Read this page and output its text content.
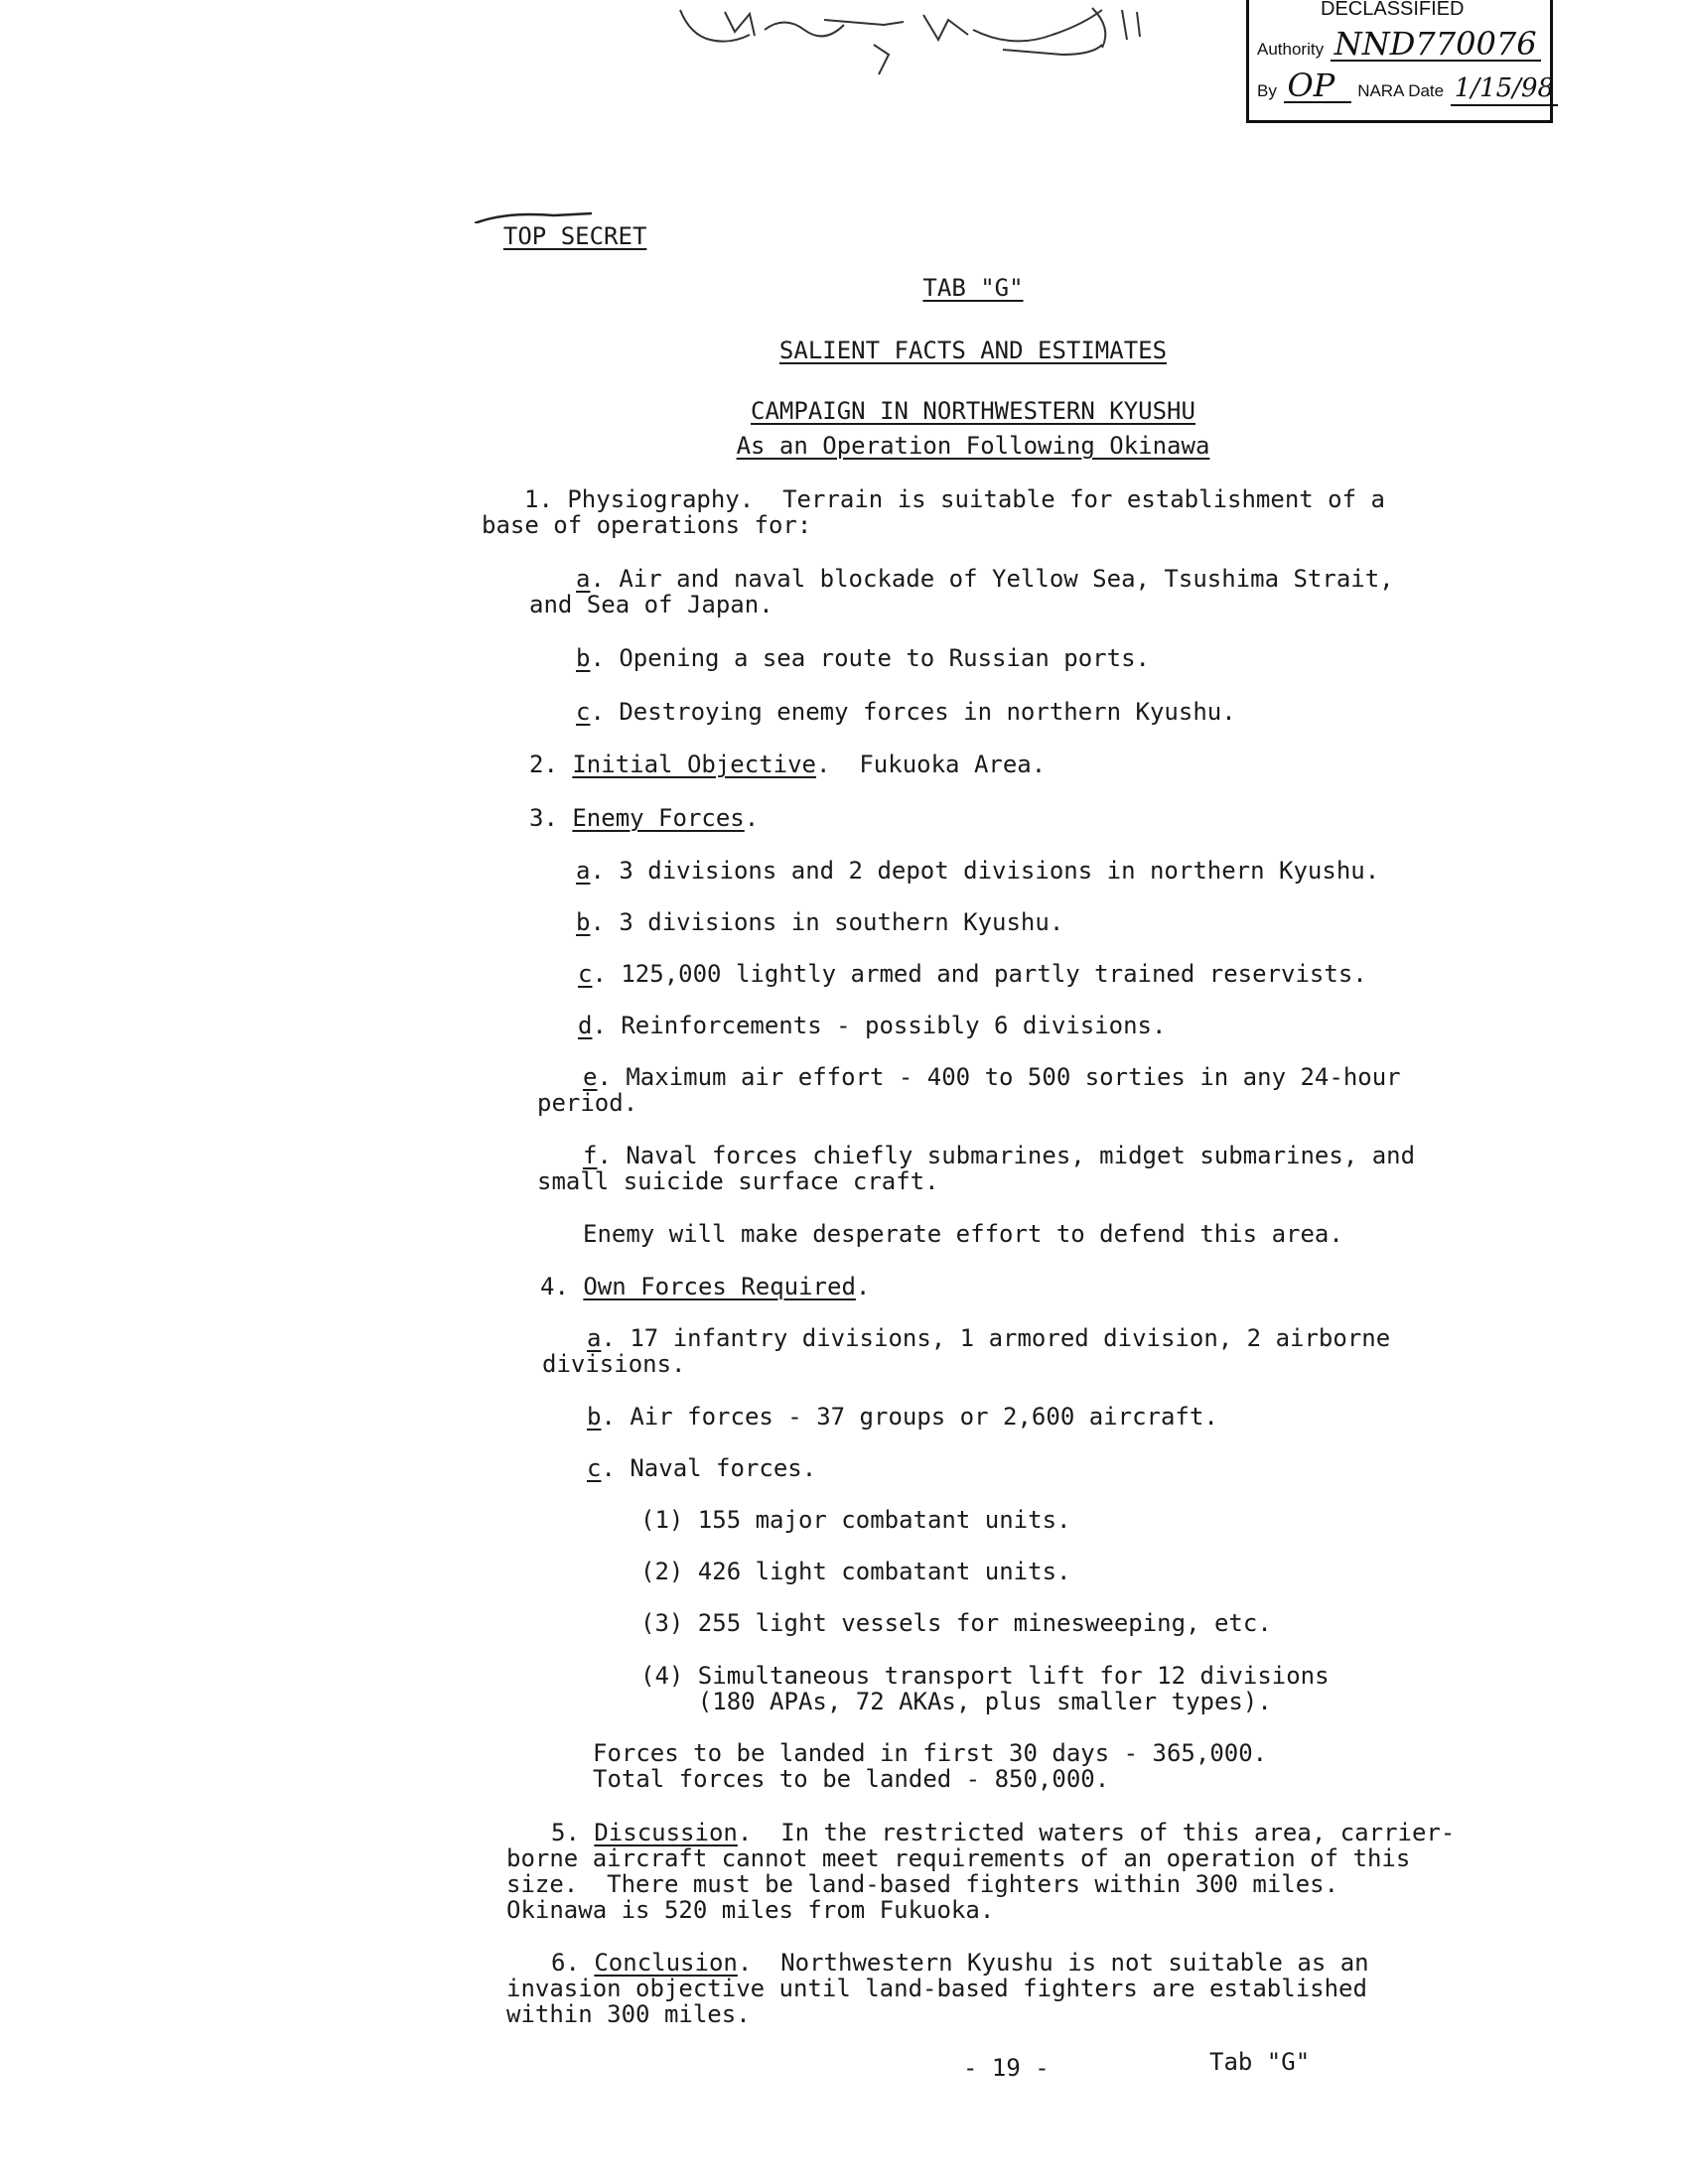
DECLASSIFIED
Authority NND770076
By OP NARA Date 1/15/98

TOP SECRET

TAB "G"
SALIENT FACTS AND ESTIMATES
CAMPAIGN IN NORTHWESTERN KYUSHU
As an Operation Following Okinawa
1. Physiography.  Terrain is suitable for establishment of a
base of operations for:
a. Air and naval blockade of Yellow Sea, Tsushima Strait,
and Sea of Japan.
b. Opening a sea route to Russian ports.
c. Destroying enemy forces in northern Kyushu.
2. Initial Objective.  Fukuoka Area.
3. Enemy Forces.
a. 3 divisions and 2 depot divisions in northern Kyushu.
b. 3 divisions in southern Kyushu.
c. 125,000 lightly armed and partly trained reservists.
d. Reinforcements - possibly 6 divisions.
e. Maximum air effort - 400 to 500 sorties in any 24-hour
period.
f. Naval forces chiefly submarines, midget submarines, and
small suicide surface craft.
Enemy will make desperate effort to defend this area.
4. Own Forces Required.
a. 17 infantry divisions, 1 armored division, 2 airborne
divisions.
b. Air forces - 37 groups or 2,600 aircraft.
c. Naval forces.
(1) 155 major combatant units.
(2) 426 light combatant units.
(3) 255 light vessels for minesweeping, etc.
(4) Simultaneous transport lift for 12 divisions
(180 APAs, 72 AKAs, plus smaller types).
Forces to be landed in first 30 days - 365,000.
Total forces to be landed - 850,000.
5. Discussion.  In the restricted waters of this area, carrier-
borne aircraft cannot meet requirements of an operation of this
size.  There must be land-based fighters within 300 miles.
Okinawa is 520 miles from Fukuoka.
6. Conclusion.  Northwestern Kyushu is not suitable as an
invasion objective until land-based fighters are established
within 300 miles.
- 19 -	Tab "G"
